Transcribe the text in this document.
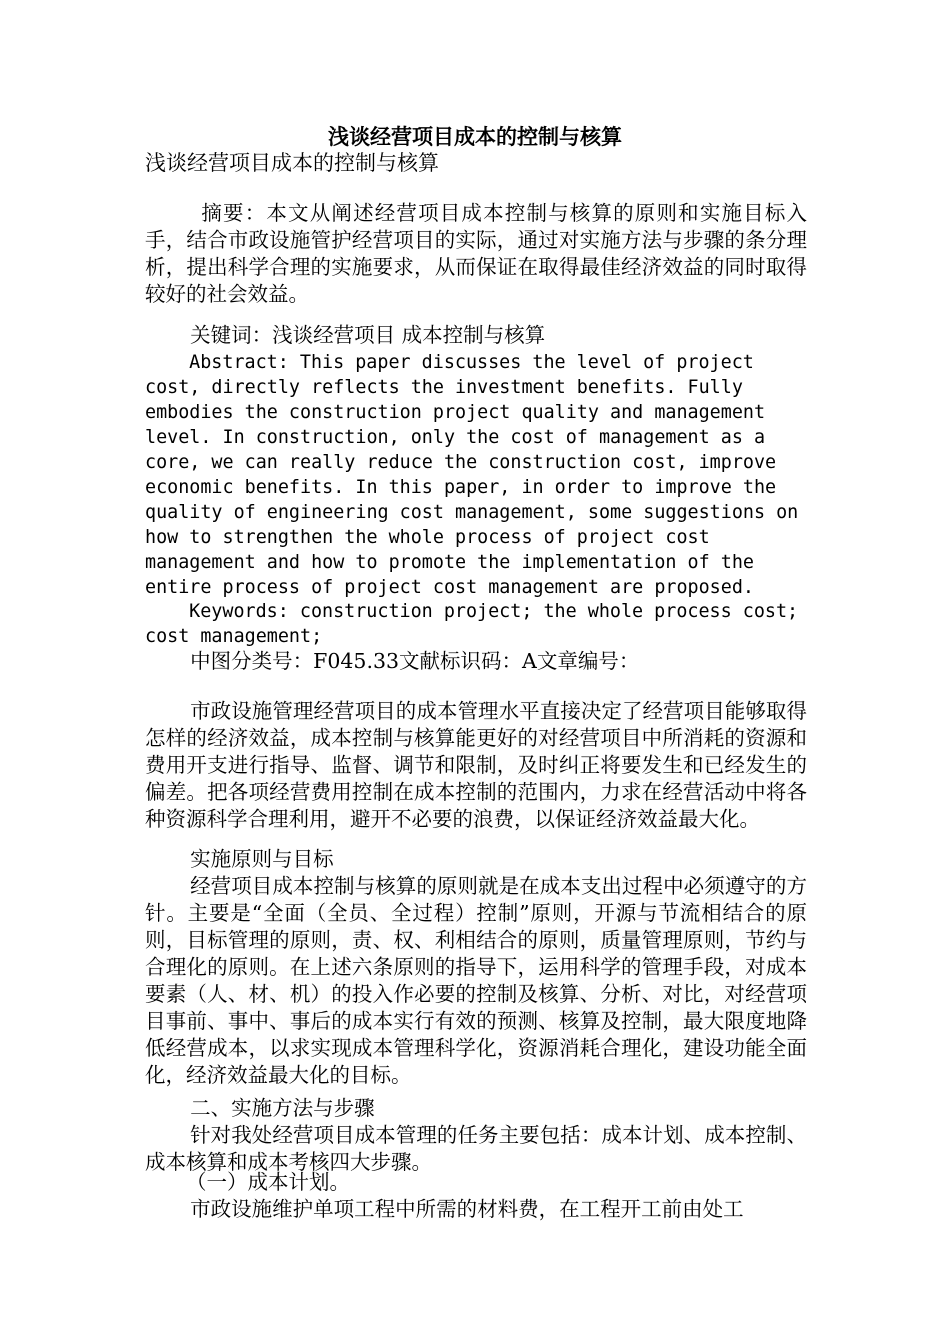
浅谈经营项目成本的控制与核算
浅谈经营项目成本的控制与核算

摘要：本文从阐述经营项目成本控制与核算的原则和实施目标入手，结合市政设施管护经营项目的实际，通过对实施方法与步骤的条分理析，提出科学合理的实施要求，从而保证在取得最佳经济效益的同时取得较好的社会效益。

关键词：浅谈经营项目 成本控制与核算

Abstract: This paper discusses the level of project cost, directly reflects the investment benefits. Fully embodies the construction project quality and management level. In construction, only the cost of management as a core, we can really reduce the construction cost, improve economic benefits. In this paper, in order to improve the quality of engineering cost management, some suggestions on how to strengthen the whole process of project cost management and how to promote the implementation of the entire process of project cost management are proposed.

Keywords: construction project; the whole process cost; cost management;

中图分类号：F045.33文献标识码：A文章编号：

市政设施管理经营项目的成本管理水平直接决定了经营项目能够取得怎样的经济效益，成本控制与核算能更好的对经营项目中所消耗的资源和费用开支进行指导、监督、调节和限制，及时纠正将要发生和已经发生的偏差。把各项经营费用控制在成本控制的范围内，力求在经营活动中将各种资源科学合理利用，避开不必要的浪费，以保证经济效益最大化。

实施原则与目标

经营项目成本控制与核算的原则就是在成本支出过程中必须遵守的方针。主要是“全面（全员、全过程）控制”原则，开源与节流相结合的原则，目标管理的原则，责、权、利相结合的原则，质量管理原则，节约与合理化的原则。在上述六条原则的指导下，运用科学的管理手段，对成本要素（人、材、机）的投入作必要的控制及核算、分析、对比，对经营项目事前、事中、事后的成本实行有效的预测、核算及控制，最大限度地降低经营成本，以求实现成本管理科学化，资源消耗合理化，建设功能全面化，经济效益最大化的目标。

二、实施方法与步骤

针对我处经营项目成本管理的任务主要包括：成本计划、成本控制、成本核算和成本考核四大步骤。

（一）成本计划。

市政设施维护单项工程中所需的材料费，在工程开工前由处工
